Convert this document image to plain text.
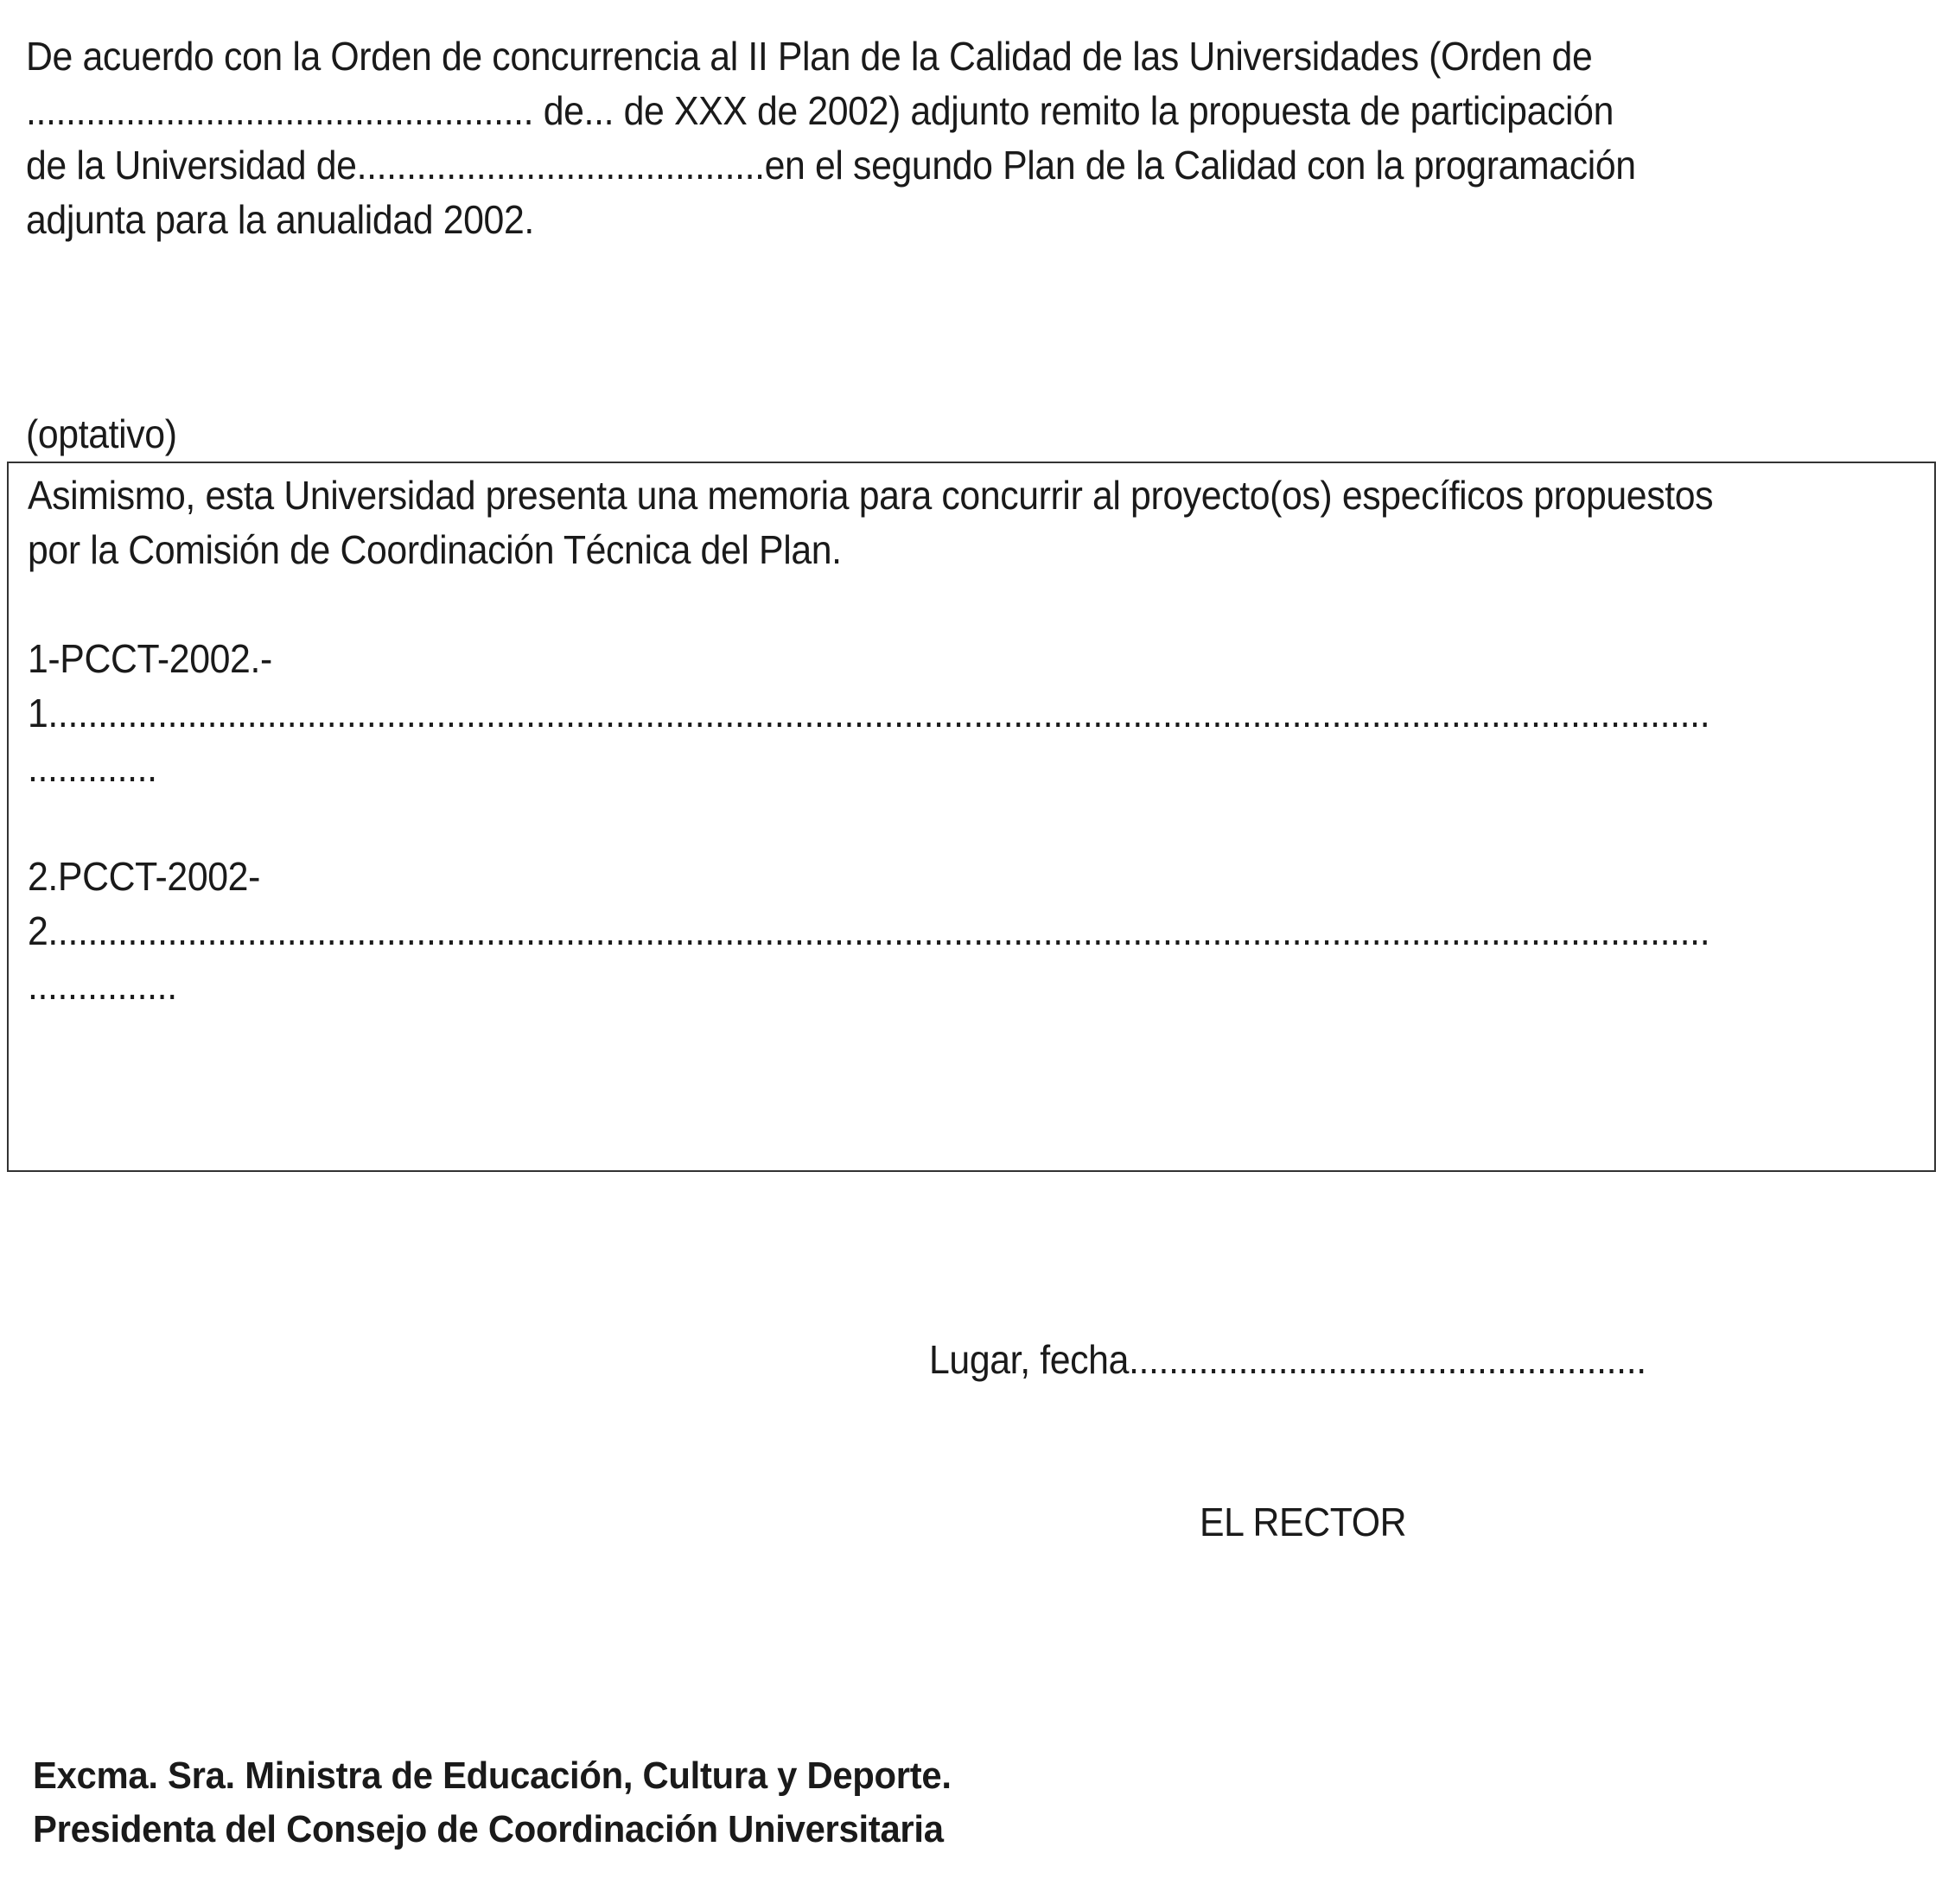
De acuerdo con la Orden de concurrencia al II Plan de la Calidad de las Universidades (Orden de
................................................... de... de XXX de 2002) adjunto remito la propuesta de participación
de la Universidad de.........................................en el segundo Plan de la Calidad con la programación
adjunta para la anualidad 2002.
(optativo)
Asimismo, esta Universidad presenta una memoria para concurrir al proyecto(os) específicos propuestos
por la Comisión de Coordinación Técnica del Plan.
1-PCCT-2002.-
1.......................................................................................................................................................................
.............
2.PCCT-2002-
2.......................................................................................................................................................................
...............
Lugar, fecha....................................................
EL RECTOR
Excma. Sra. Ministra de Educación, Cultura y Deporte.
Presidenta del Consejo de Coordinación Universitaria
